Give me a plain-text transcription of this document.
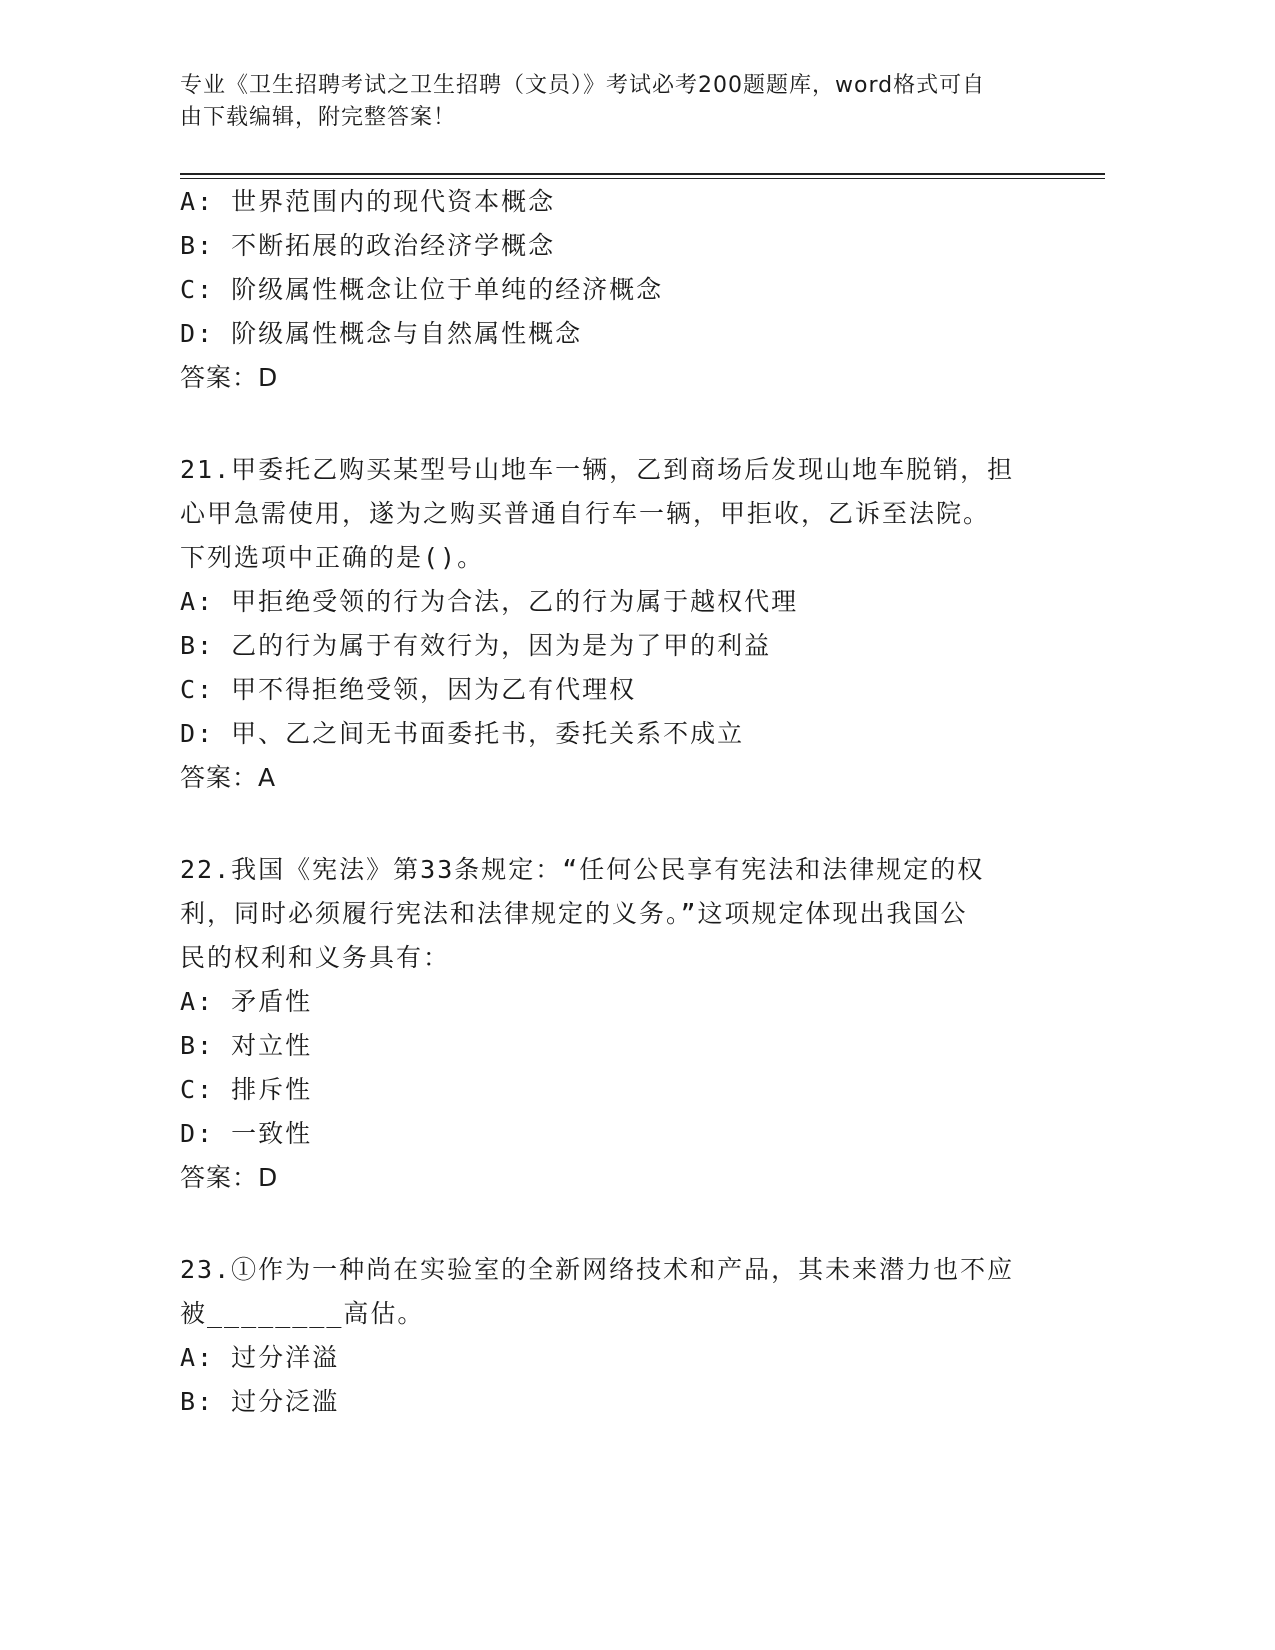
专业《卫生招聘考试之卫生招聘（文员）》考试必考200题题库，word格式可自
由下载编辑，附完整答案！
A: 世界范围内的现代资本概念
B: 不断拓展的政治经济学概念
C: 阶级属性概念让位于单纯的经济概念
D: 阶级属性概念与自然属性概念
答案：D
21.甲委托乙购买某型号山地车一辆，乙到商场后发现山地车脱销，担
心甲急需使用，遂为之购买普通自行车一辆，甲拒收，乙诉至法院。
下列选项中正确的是()。
A: 甲拒绝受领的行为合法，乙的行为属于越权代理
B: 乙的行为属于有效行为，因为是为了甲的利益
C: 甲不得拒绝受领，因为乙有代理权
D: 甲、乙之间无书面委托书，委托关系不成立
答案：A
22.我国《宪法》第33条规定：“任何公民享有宪法和法律规定的权
利，同时必须履行宪法和法律规定的义务。”这项规定体现出我国公
民的权利和义务具有：
A: 矛盾性
B: 对立性
C: 排斥性
D: 一致性
答案：D
23.①作为一种尚在实验室的全新网络技术和产品，其未来潜力也不应
被________高估。
A: 过分洋溢
B: 过分泛滥
